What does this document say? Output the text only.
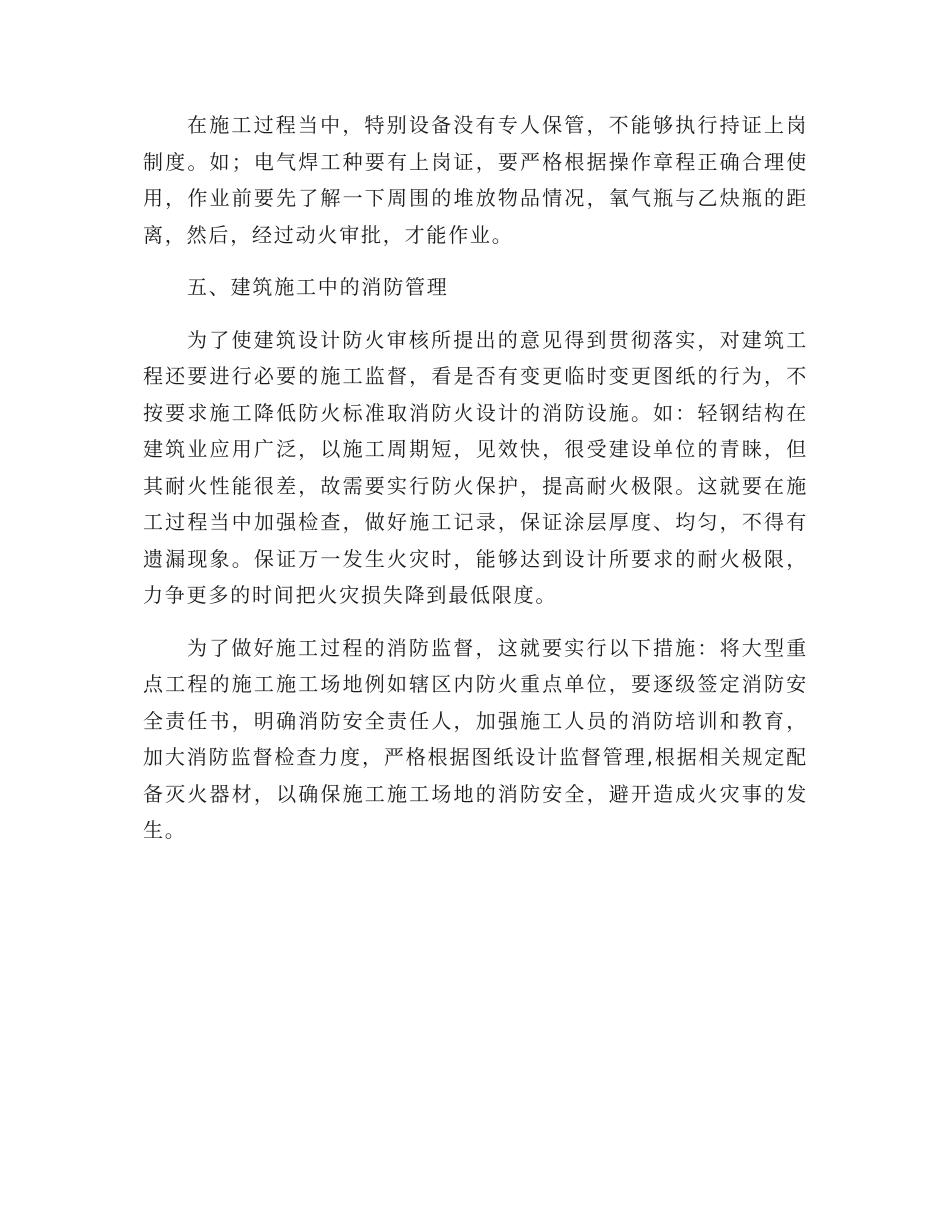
在施工过程当中，特别设备没有专人保管，不能够执行持证上岗制度。如；电气焊工种要有上岗证，要严格根据操作章程正确合理使用，作业前要先了解一下周围的堆放物品情况，氧气瓶与乙炔瓶的距离，然后，经过动火审批，才能作业。

五、建筑施工中的消防管理

为了使建筑设计防火审核所提出的意见得到贯彻落实，对建筑工程还要进行必要的施工监督，看是否有变更临时变更图纸的行为，不按要求施工降低防火标准取消防火设计的消防设施。如：轻钢结构在建筑业应用广泛，以施工周期短，见效快，很受建设单位的青睐，但其耐火性能很差，故需要实行防火保护，提高耐火极限。这就要在施工过程当中加强检查，做好施工记录，保证涂层厚度、均匀，不得有遗漏现象。保证万一发生火灾时，能够达到设计所要求的耐火极限，力争更多的时间把火灾损失降到最低限度。

为了做好施工过程的消防监督，这就要实行以下措施：将大型重点工程的施工施工场地例如辖区内防火重点单位，要逐级签定消防安全责任书，明确消防安全责任人，加强施工人员的消防培训和教育，加大消防监督检查力度，严格根据图纸设计监督管理,根据相关规定配备灭火器材，以确保施工施工场地的消防安全，避开造成火灾事的发生。
